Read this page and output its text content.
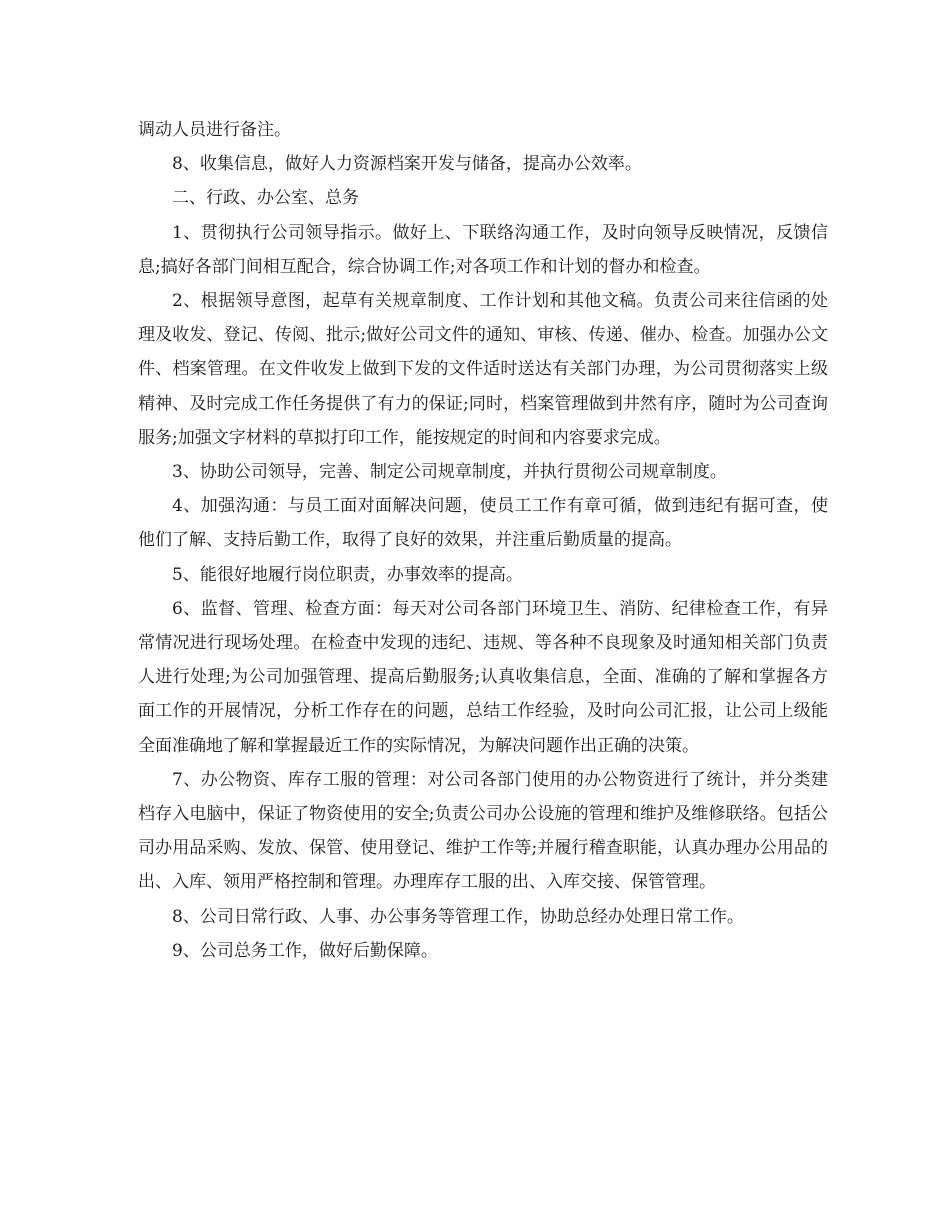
调动人员进行备注。

8、收集信息，做好人力资源档案开发与储备，提高办公效率。

二、行政、办公室、总务

1、贯彻执行公司领导指示。做好上、下联络沟通工作，及时向领导反映情况，反馈信息;搞好各部门间相互配合，综合协调工作;对各项工作和计划的督办和检查。

2、根据领导意图，起草有关规章制度、工作计划和其他文稿。负责公司来往信函的处理及收发、登记、传阅、批示;做好公司文件的通知、审核、传递、催办、检查。加强办公文件、档案管理。在文件收发上做到下发的文件适时送达有关部门办理，为公司贯彻落实上级精神、及时完成工作任务提供了有力的保证;同时，档案管理做到井然有序，随时为公司查询服务;加强文字材料的草拟打印工作，能按规定的时间和内容要求完成。

3、协助公司领导，完善、制定公司规章制度，并执行贯彻公司规章制度。

4、加强沟通：与员工面对面解决问题，使员工工作有章可循，做到违纪有据可查，使他们了解、支持后勤工作，取得了良好的效果，并注重后勤质量的提高。

5、能很好地履行岗位职责，办事效率的提高。

6、监督、管理、检查方面：每天对公司各部门环境卫生、消防、纪律检查工作，有异常情况进行现场处理。在检查中发现的违纪、违规、等各种不良现象及时通知相关部门负责人进行处理;为公司加强管理、提高后勤服务;认真收集信息，全面、准确的了解和掌握各方面工作的开展情况，分析工作存在的问题，总结工作经验，及时向公司汇报，让公司上级能全面准确地了解和掌握最近工作的实际情况，为解决问题作出正确的决策。

7、办公物资、库存工服的管理：对公司各部门使用的办公物资进行了统计，并分类建档存入电脑中，保证了物资使用的安全;负责公司办公设施的管理和维护及维修联络。包括公司办用品采购、发放、保管、使用登记、维护工作等;并履行稽查职能，认真办理办公用品的出、入库、领用严格控制和管理。办理库存工服的出、入库交接、保管管理。

8、公司日常行政、人事、办公事务等管理工作，协助总经办处理日常工作。

9、公司总务工作，做好后勤保障。
